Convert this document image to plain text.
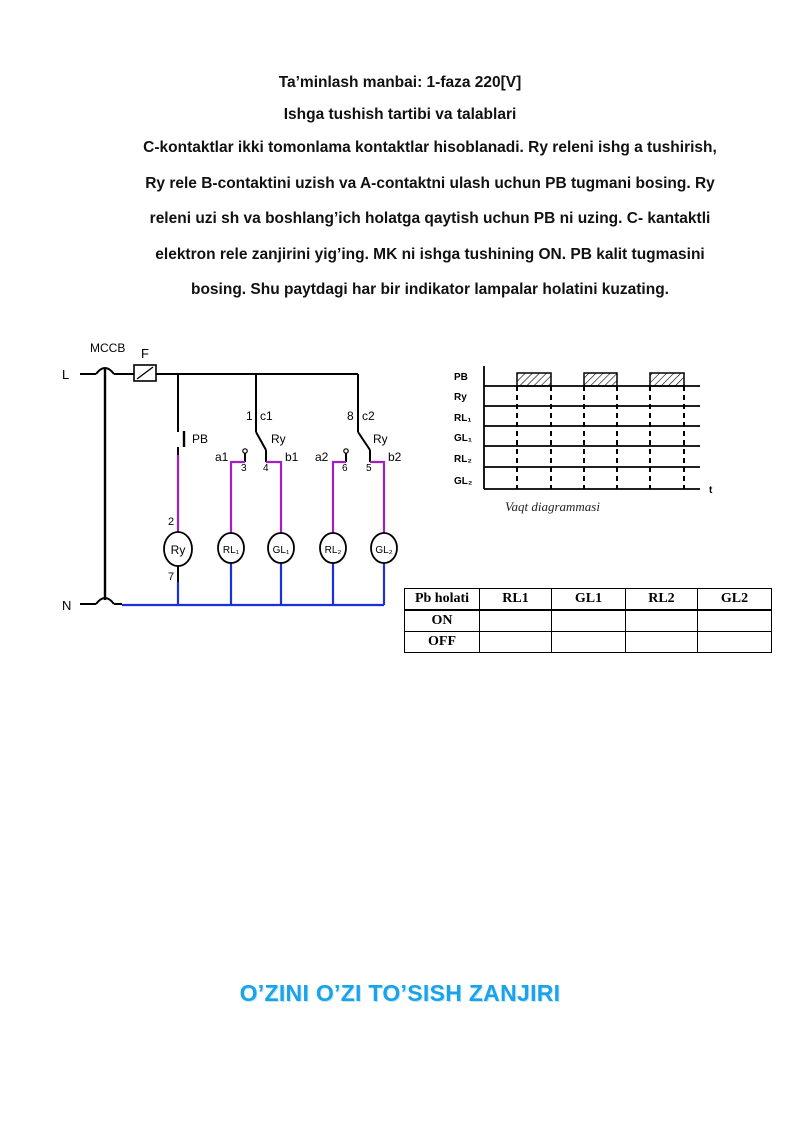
Ta’minlash manbai: 1-faza 220[V]
Ishga tushish tartibi va talablari
C-kontaktlar ikki tomonlama kontaktlar hisoblanadi. Ry releni ishg a tushirish,
Ry rele B-contaktini uzish va A-contaktni ulash uchun PB tugmani bosing. Ry
releni uzi sh va boshlang’ich holatga qaytish uchun PB ni uzing. C- kantaktli
elektron rele zanjirini yig’ing. MK ni ishga tushining ON. PB kalit tugmasini
bosing. Shu paytdagi har bir indikator lampalar holatini kuzating.
Ry	RL₁	GL₁	RL₂	GL₂
L
N
MCCB F
PB
2
7
1 c1
Ry
a1	b1
3 4
8 c2
Ry
a2	b2
6 5
PB
Ry
RL₁
GL₁
RL₂
GL₂
t
Vaqt diagrammasi
Pb holati	RL1	GL1	RL2	GL2
ON				
OFF				
O’ZINI O’ZI TO’SISH ZANJIRI
